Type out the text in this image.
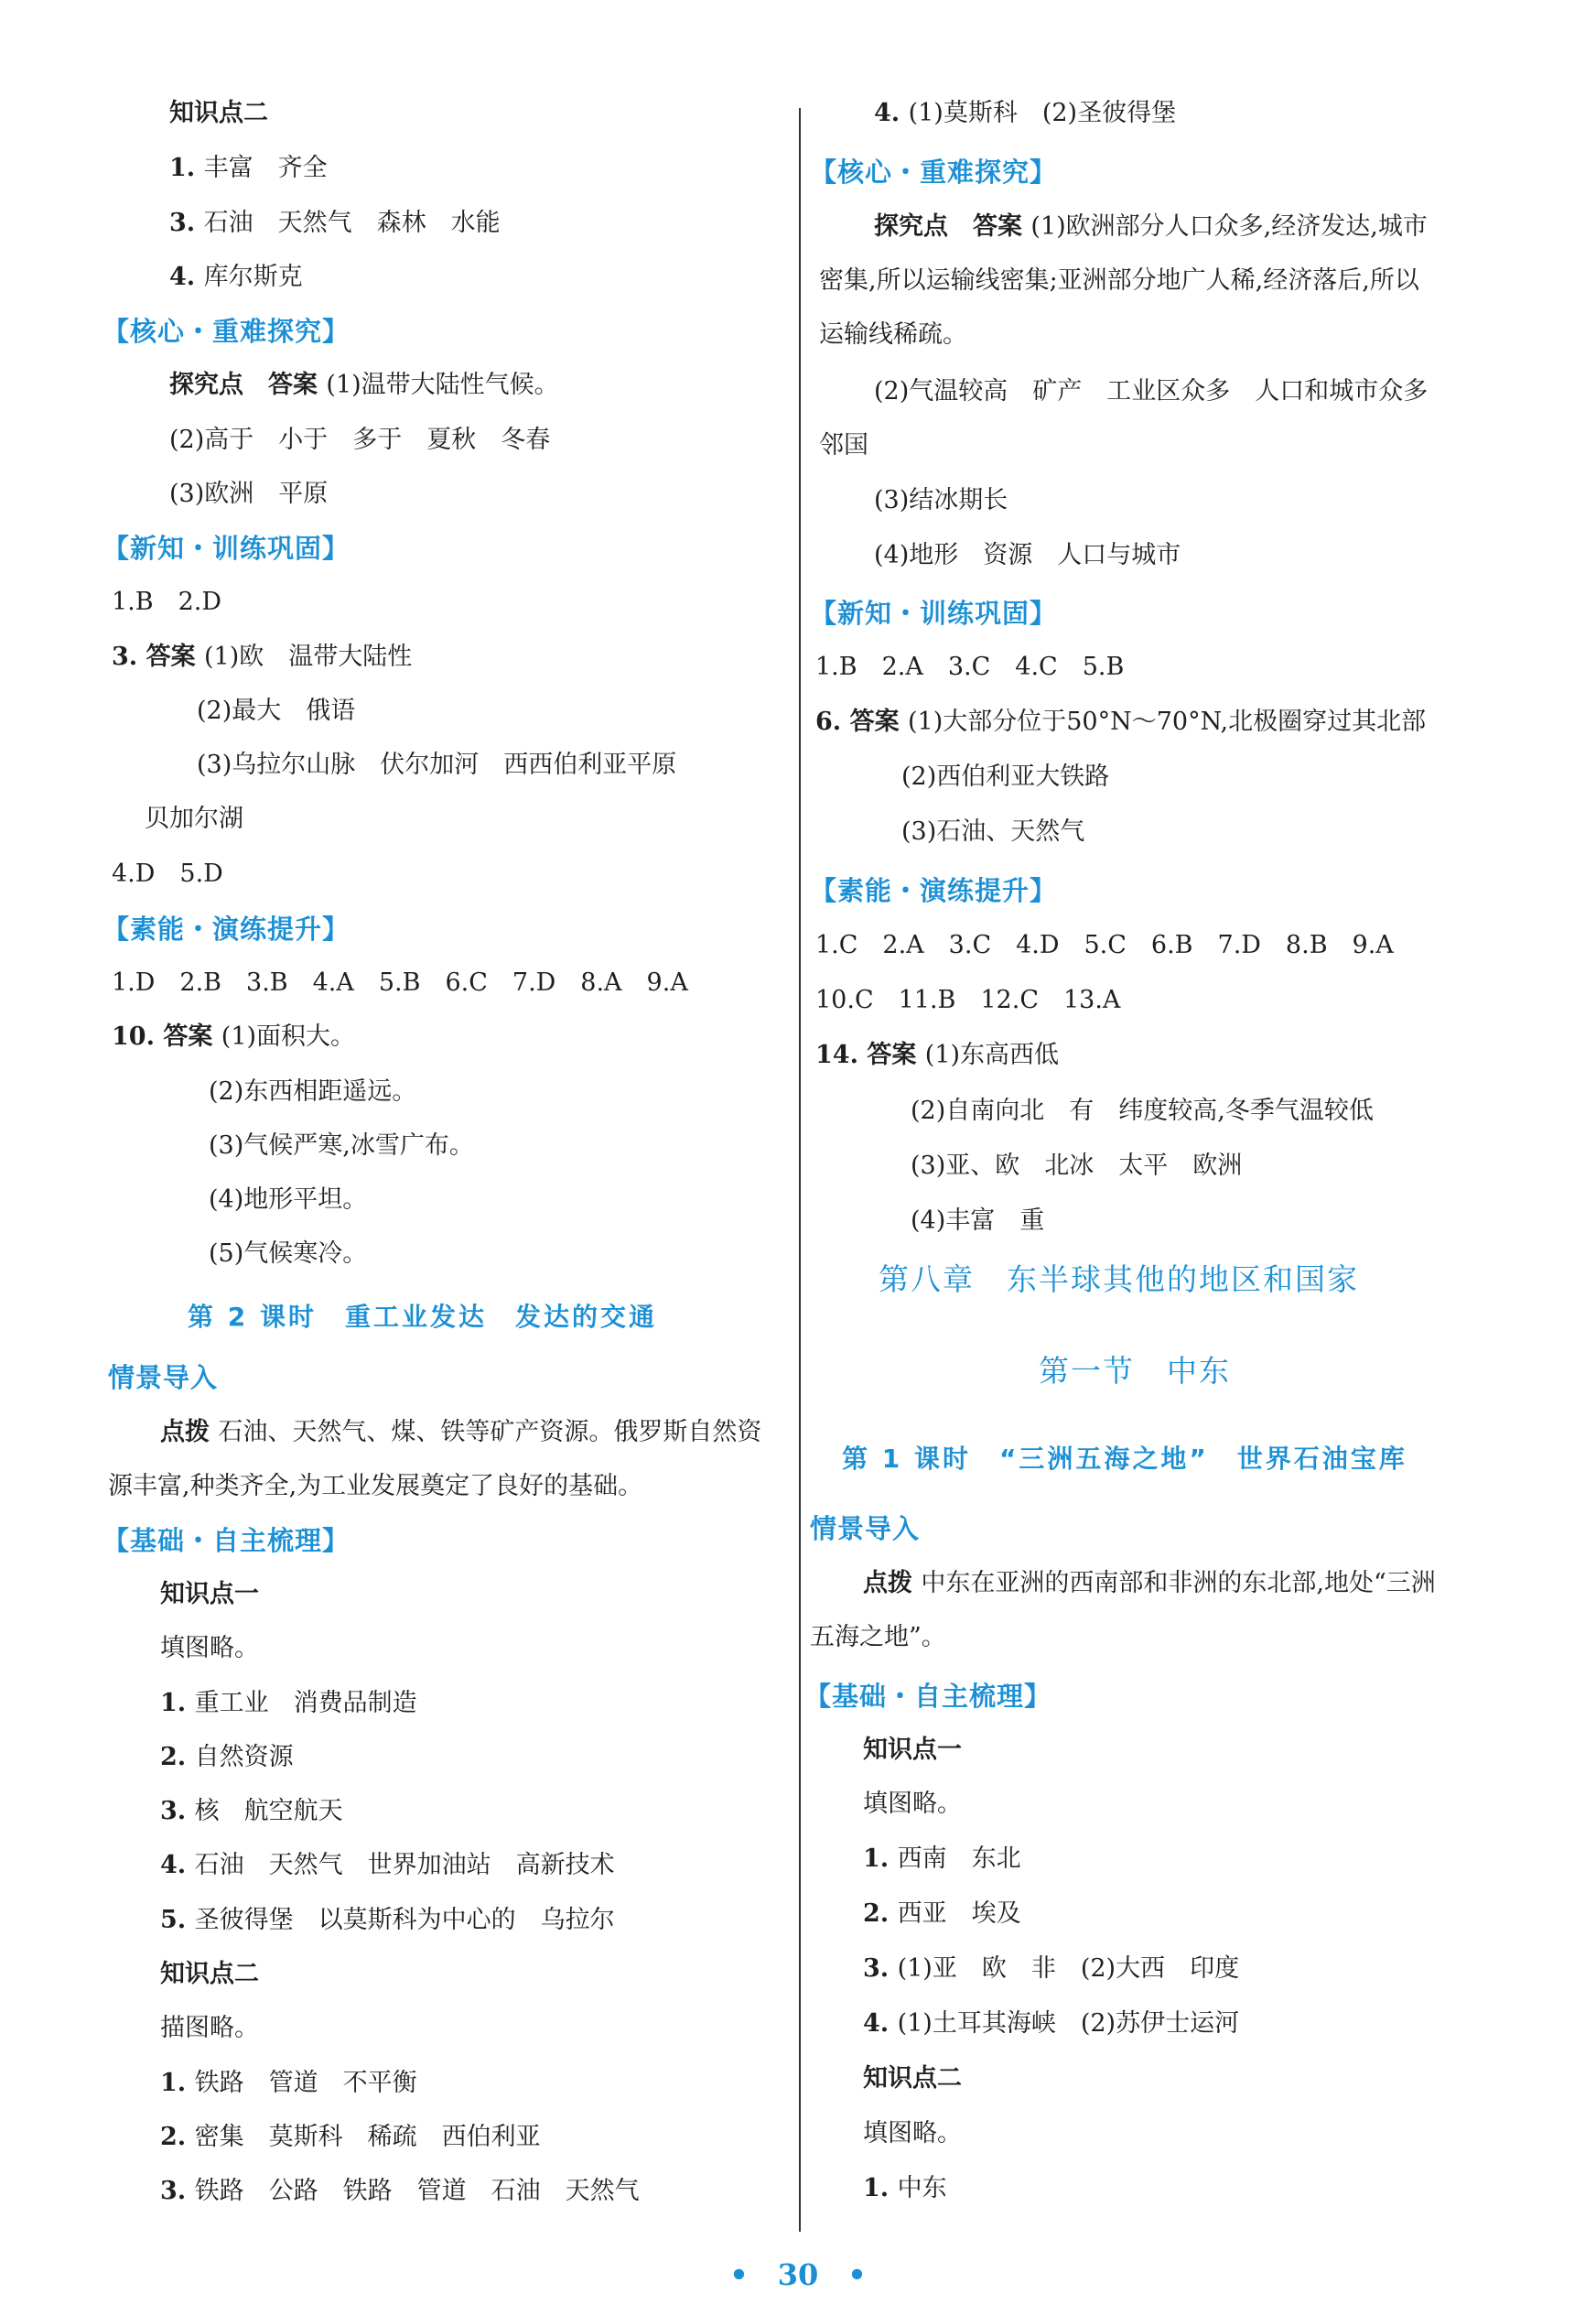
知识点二
1. 丰富　齐全
3. 石油　天然气　森林　水能
4. 库尔斯克
【核心・重难探究】
探究点　答案 (1)温带大陆性气候。
(2)高于　小于　多于　夏秋　冬春
(3)欧洲　平原
【新知・训练巩固】
1.B　2.D
3. 答案 (1)欧　温带大陆性
(2)最大　俄语
(3)乌拉尔山脉　伏尔加河　西西伯利亚平原
贝加尔湖
4.D　5.D
【素能・演练提升】
1.D　2.B　3.B　4.A　5.B　6.C　7.D　8.A　9.A
10. 答案 (1)面积大。
(2)东西相距遥远。
(3)气候严寒,冰雪广布。
(4)地形平坦。
(5)气候寒冷。
第 2 课时　重工业发达　发达的交通
情景导入
点拨 石油、天然气、煤、铁等矿产资源。俄罗斯自然资
源丰富,种类齐全,为工业发展奠定了良好的基础。
【基础・自主梳理】
知识点一
填图略。
1. 重工业　消费品制造
2. 自然资源
3. 核　航空航天
4. 石油　天然气　世界加油站　高新技术
5. 圣彼得堡　以莫斯科为中心的　乌拉尔
知识点二
描图略。
1. 铁路　管道　不平衡
2. 密集　莫斯科　稀疏　西伯利亚
3. 铁路　公路　铁路　管道　石油　天然气
4. (1)莫斯科　(2)圣彼得堡
【核心・重难探究】
探究点　答案 (1)欧洲部分人口众多,经济发达,城市
密集,所以运输线密集;亚洲部分地广人稀,经济落后,所以
运输线稀疏。
(2)气温较高　矿产　工业区众多　人口和城市众多
邻国
(3)结冰期长
(4)地形　资源　人口与城市
【新知・训练巩固】
1.B　2.A　3.C　4.C　5.B
6. 答案 (1)大部分位于50°N～70°N,北极圈穿过其北部
(2)西伯利亚大铁路
(3)石油、天然气
【素能・演练提升】
1.C　2.A　3.C　4.D　5.C　6.B　7.D　8.B　9.A
10.C　11.B　12.C　13.A
14. 答案 (1)东高西低
(2)自南向北　有　纬度较高,冬季气温较低
(3)亚、欧　北冰　太平　欧洲
(4)丰富　重
第八章　东半球其他的地区和国家
第一节　中东
第 1 课时　“三洲五海之地”　世界石油宝库
情景导入
点拨 中东在亚洲的西南部和非洲的东北部,地处“三洲
五海之地”。
【基础・自主梳理】
知识点一
填图略。
1. 西南　东北
2. 西亚　埃及
3. (1)亚　欧　非　(2)大西　印度
4. (1)土耳其海峡　(2)苏伊士运河
知识点二
填图略。
1. 中东
•　30　•
